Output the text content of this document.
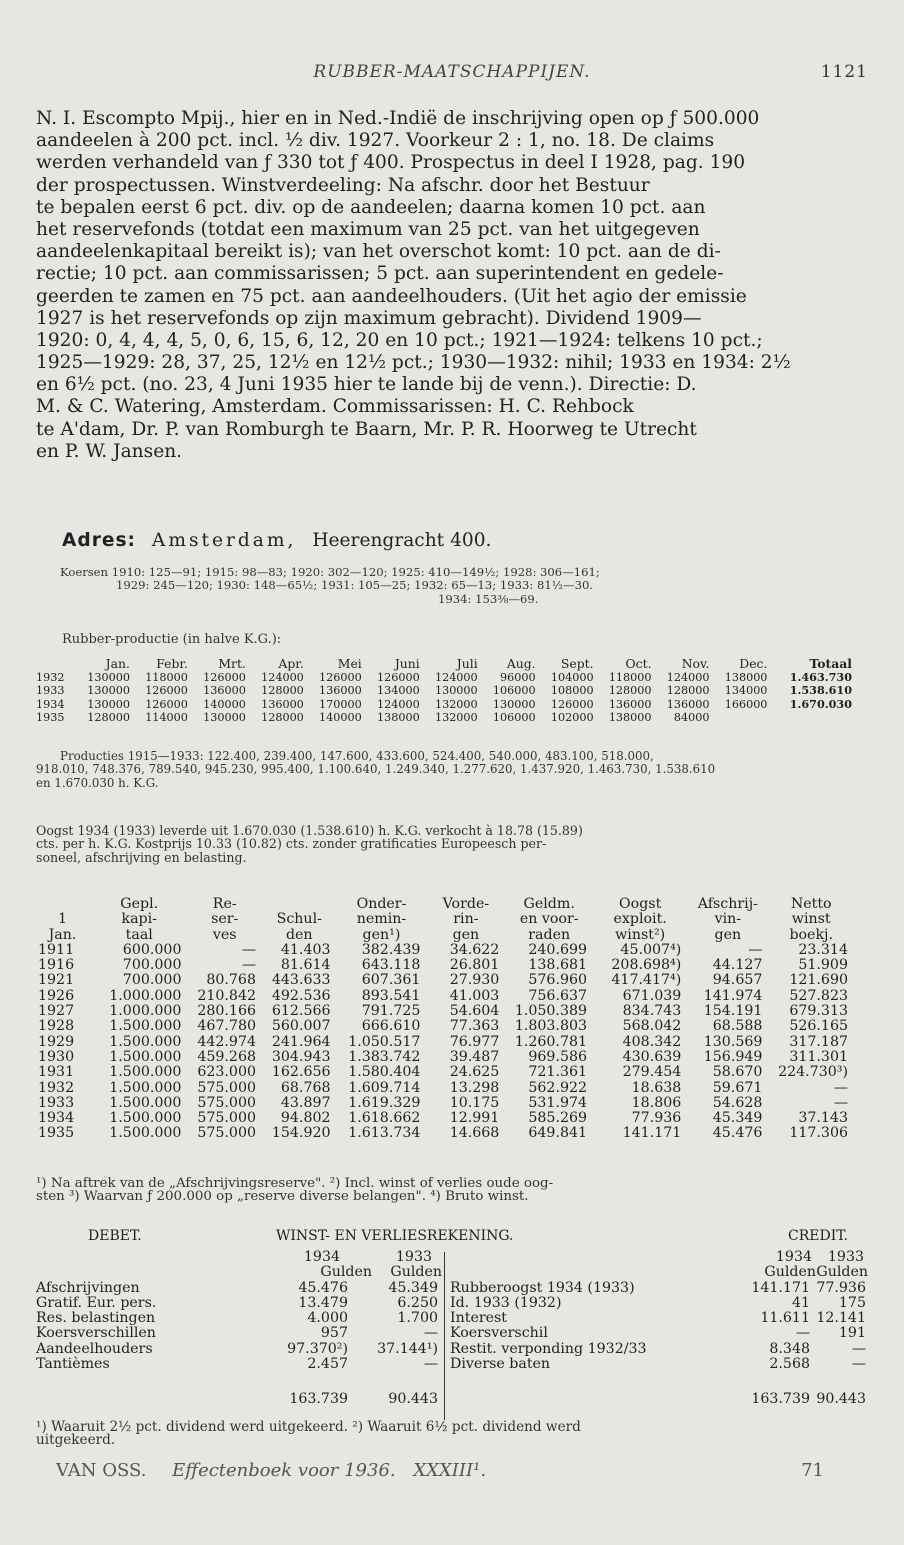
RUBBER-MAATSCHAPPIJEN.	1121
N. I. Escompto Mpij., hier en in Ned.-Indië de inschrijving open op ƒ 500.000
aandeelen à 200 pct. incl. ½ div. 1927. Voorkeur 2 : 1, no. 18. De claims
werden verhandeld van ƒ 330 tot ƒ 400. Prospectus in deel I 1928, pag. 190
der prospectussen. Winstverdeeling: Na afschr. door het Bestuur
te bepalen eerst 6 pct. div. op de aandeelen; daarna komen 10 pct. aan
het reservefonds (totdat een maximum van 25 pct. van het uitgegeven
aandeelenkapitaal bereikt is); van het overschot komt: 10 pct. aan de di-
rectie; 10 pct. aan commissarissen; 5 pct. aan superintendent en gedele-
geerden te zamen en 75 pct. aan aandeelhouders. (Uit het agio der emissie
1927 is het reservefonds op zijn maximum gebracht). Dividend 1909—
1920: 0, 4, 4, 4, 5, 0, 6, 15, 6, 12, 20 en 10 pct.; 1921—1924: telkens 10 pct.;
1925—1929: 28, 37, 25, 12½ en 12½ pct.; 1930—1932: nihil; 1933 en 1934: 2½
en 6½ pct. (no. 23, 4 Juni 1935 hier te lande bij de venn.). Directie: D.
M. & C. Watering, Amsterdam. Commissarissen: H. C. Rehbock
te A'dam, Dr. P. van Romburgh te Baarn, Mr. P. R. Hoorweg te Utrecht
en P. W. Jansen.
Adres: Amsterdam, Heerengracht 400.
Koersen 1910: 125—91; 1915: 98—83; 1920: 302—120; 1925: 410—149½; 1928: 306—161;
1929: 245—120; 1930: 148—65½; 1931: 105—25; 1932: 65—13; 1933: 81½—30.
1934: 153⅜—69.
Rubber-productie (in halve K.G.):
	Jan.	Febr.	Mrt.	Apr.	Mei	Juni	Juli	Aug.	Sept.	Oct.	Nov.	Dec.	Totaal
1932	130000	118000	126000	124000	126000	126000	124000	96000	104000	118000	124000	138000	1.463.730
1933	130000	126000	136000	128000	136000	134000	130000	106000	108000	128000	128000	134000	1.538.610
1934	130000	126000	140000	136000	170000	124000	132000	130000	126000	136000	136000	166000	1.670.030
1935	128000	114000	130000	128000	140000	138000	132000	106000	102000	138000	84000		
Producties 1915—1933: 122.400, 239.400, 147.600, 433.600, 524.400, 540.000, 483.100, 518.000,
918.010, 748.376, 789.540, 945.230, 995.400, 1.100.640, 1.249.340, 1.277.620, 1.437.920, 1.463.730, 1.538.610
en 1.670.030 h. K.G.
Oogst 1934 (1933) leverde uit 1.670.030 (1.538.610) h. K.G. verkocht à 18.78 (15.89)
cts. per h. K.G. Kostprijs 10.33 (10.82) cts. zonder gratificaties Europeesch per-
soneel, afschrijving en belasting.
	Gepl.	Re-		Onder-	Vorde-	Geldm.	Oogst	Afschrij-	Netto
1	kapi-	ser-	Schul-	nemin-	rin-	en voor-	exploit.	vin-	winst
Jan.	taal	ves	den	gen¹)	gen	raden	winst²)	gen	boekj.
1911	600.000	—	41.403	382.439	34.622	240.699	45.007⁴)	—	23.314
1916	700.000	—	81.614	643.118	26.801	138.681	208.698⁴)	44.127	51.909
1921	700.000	80.768	443.633	607.361	27.930	576.960	417.417⁴)	94.657	121.690
1926	1.000.000	210.842	492.536	893.541	41.003	756.637	671.039	141.974	527.823
1927	1.000.000	280.166	612.566	791.725	54.604	1.050.389	834.743	154.191	679.313
1928	1.500.000	467.780	560.007	666.610	77.363	1.803.803	568.042	68.588	526.165
1929	1.500.000	442.974	241.964	1.050.517	76.977	1.260.781	408.342	130.569	317.187
1930	1.500.000	459.268	304.943	1.383.742	39.487	969.586	430.639	156.949	311.301
1931	1.500.000	623.000	162.656	1.580.404	24.625	721.361	279.454	58.670	224.730³)
1932	1.500.000	575.000	68.768	1.609.714	13.298	562.922	18.638	59.671	—
1933	1.500.000	575.000	43.897	1.619.329	10.175	531.974	18.806	54.628	—
1934	1.500.000	575.000	94.802	1.618.662	12.991	585.269	77.936	45.349	37.143
1935	1.500.000	575.000	154.920	1.613.734	14.668	649.841	141.171	45.476	117.306
¹) Na aftrek van de „Afschrijvingsreserve". ²) Incl. winst of verlies oude oog-
sten ³) Waarvan ƒ 200.000 op „reserve diverse belangen". ⁴) Bruto winst.
DEBET.	WINST- EN VERLIESREKENING.	CREDIT.
1934	1933
Gulden Gulden
Afschrijvingen	45.476	45.349
Gratif. Eur. pers.	13.479	6.250
Res. belastingen	4.000	1.700
Koersverschillen	957	—
Aandeelhouders	97.370²) 37.144¹)
Tantièmes	2.457	—
163.739	90.443
1934 1933
Gulden Gulden
Rubberoogst 1934 (1933)	141.171 77.936
Id. 1933 (1932)	41 175
Interest	11.611 12.141
Koersverschil	— 191
Restit. verponding 1932/33	8.348	—
Diverse baten	2.568	—
163.739 90.443
¹) Waaruit 2½ pct. dividend werd uitgekeerd. ²) Waaruit 6½ pct. dividend werd
uitgekeerd.
VAN OSS. Effectenboek voor 1936. XXXIII¹.	71
